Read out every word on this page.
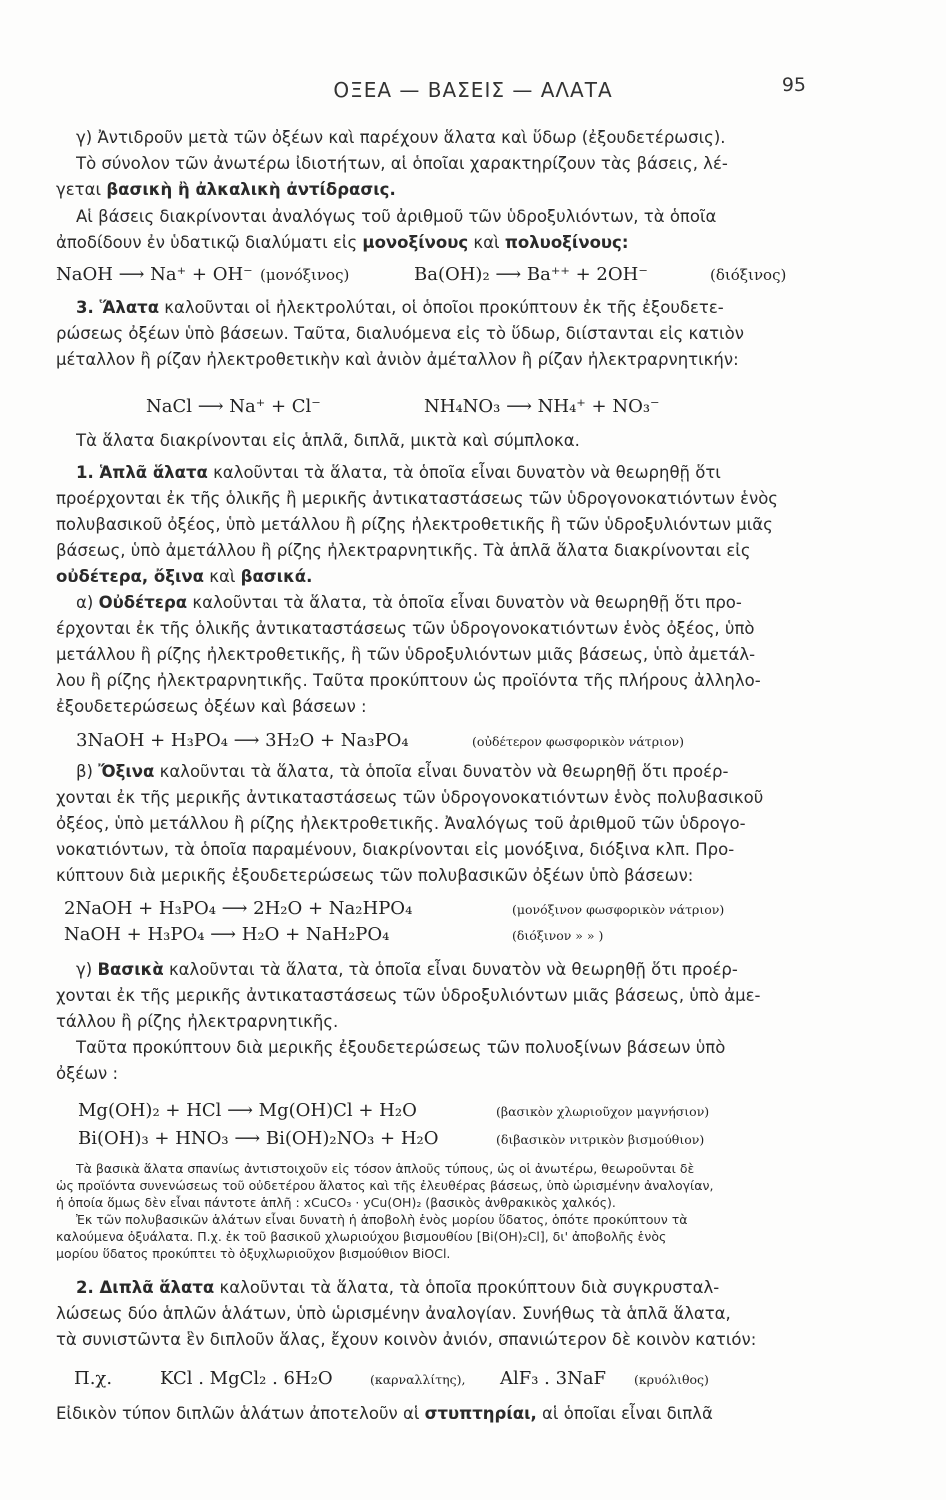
ΟΞΕΑ — ΒΑΣΕΙΣ — ΑΛΑΤΑ	95
γ) Ἀντιδροῦν μετὰ τῶν ὀξέων καὶ παρέχουν ἅλατα καὶ ὕδωρ (ἐξουδετέρωσις).
Τὸ σύνολον τῶν ἀνωτέρω ἰδιοτήτων, αἱ ὁποῖαι χαρακτηρίζουν τὰς βάσεις, λέ-
γεται βασικὴ ἢ ἀλκαλικὴ ἀντίδρασις.
Αἱ βάσεις διακρίνονται ἀναλόγως τοῦ ἀριθμοῦ τῶν ὑδροξυλιόντων, τὰ ὁποῖα
ἀποδίδουν ἐν ὑδατικῷ διαλύματι εἰς μονοξίνους καὶ πολυοξίνους:
NaOH ⟶ Na⁺ + OH⁻ (μονόξινος)	Ba(OH)₂ ⟶ Ba⁺⁺ + 2OH⁻	(διόξινος)
3. Ἅλατα καλοῦνται οἱ ἠλεκτρολύται, οἱ ὁποῖοι προκύπτουν ἐκ τῆς ἐξουδετε-
ρώσεως ὀξέων ὑπὸ βάσεων. Ταῦτα, διαλυόμενα εἰς τὸ ὕδωρ, διίστανται εἰς κατιὸν
μέταλλον ἢ ρίζαν ἠλεκτροθετικὴν καὶ ἀνιὸν ἀμέταλλον ἢ ρίζαν ἠλεκτραρνητικήν:
NaCl ⟶ Na⁺ + Cl⁻	NH₄NO₃ ⟶ NH₄⁺ + NO₃⁻
Τὰ ἅλατα διακρίνονται εἰς ἁπλᾶ, διπλᾶ, μικτὰ καὶ σύμπλοκα.
1. Ἁπλᾶ ἅλατα καλοῦνται τὰ ἅλατα, τὰ ὁποῖα εἶναι δυνατὸν νὰ θεωρηθῇ ὅτι
προέρχονται ἐκ τῆς ὁλικῆς ἢ μερικῆς ἀντικαταστάσεως τῶν ὑδρογονοκατιόντων ἑνὸς
πολυβασικοῦ ὀξέος, ὑπὸ μετάλλου ἢ ρίζης ἠλεκτροθετικῆς ἢ τῶν ὑδροξυλιόντων μιᾶς
βάσεως, ὑπὸ ἀμετάλλου ἢ ρίζης ἠλεκτραρνητικῆς. Τὰ ἁπλᾶ ἅλατα διακρίνονται εἰς
οὐδέτερα, ὄξινα καὶ βασικά.
α) Οὐδέτερα καλοῦνται τὰ ἅλατα, τὰ ὁποῖα εἶναι δυνατὸν νὰ θεωρηθῇ ὅτι προ-
έρχονται ἐκ τῆς ὁλικῆς ἀντικαταστάσεως τῶν ὑδρογονοκατιόντων ἑνὸς ὀξέος, ὑπὸ
μετάλλου ἢ ρίζης ἠλεκτροθετικῆς, ἢ τῶν ὑδροξυλιόντων μιᾶς βάσεως, ὑπὸ ἀμετάλ-
λου ἢ ρίζης ἠλεκτραρνητικῆς. Ταῦτα προκύπτουν ὡς προϊόντα τῆς πλήρους ἀλληλο-
ἐξουδετερώσεως ὀξέων καὶ βάσεων :
3NaOH + H₃PO₄ ⟶ 3H₂O + Na₃PO₄	(οὐδέτερον φωσφορικὸν νάτριον)
β) Ὄξινα καλοῦνται τὰ ἅλατα, τὰ ὁποῖα εἶναι δυνατὸν νὰ θεωρηθῇ ὅτι προέρ-
χονται ἐκ τῆς μερικῆς ἀντικαταστάσεως τῶν ὑδρογονοκατιόντων ἑνὸς πολυβασικοῦ
ὀξέος, ὑπὸ μετάλλου ἢ ρίζης ἠλεκτροθετικῆς. Ἀναλόγως τοῦ ἀριθμοῦ τῶν ὑδρογο-
νοκατιόντων, τὰ ὁποῖα παραμένουν, διακρίνονται εἰς μονόξινα, διόξινα κλπ. Προ-
κύπτουν διὰ μερικῆς ἐξουδετερώσεως τῶν πολυβασικῶν ὀξέων ὑπὸ βάσεων:
2NaOH + H₃PO₄ ⟶ 2H₂O + Na₂HPO₄	(μονόξινον φωσφορικὸν νάτριον)
NaOH + H₃PO₄ ⟶ H₂O + NaH₂PO₄	(διόξινον » » )
γ) Βασικὰ καλοῦνται τὰ ἅλατα, τὰ ὁποῖα εἶναι δυνατὸν νὰ θεωρηθῇ ὅτι προέρ-
χονται ἐκ τῆς μερικῆς ἀντικαταστάσεως τῶν ὑδροξυλιόντων μιᾶς βάσεως, ὑπὸ ἀμε-
τάλλου ἢ ρίζης ἠλεκτραρνητικῆς.
Ταῦτα προκύπτουν διὰ μερικῆς ἐξουδετερώσεως τῶν πολυοξίνων βάσεων ὑπὸ
ὀξέων :
Mg(OH)₂ + HCl ⟶ Mg(OH)Cl + H₂O	(βασικὸν χλωριοῦχον μαγνήσιον)
Bi(OH)₃ + HNO₃ ⟶ Bi(OH)₂NO₃ + H₂O	(διβασικὸν νιτρικὸν βισμούθιον)
Τὰ βασικὰ ἅλατα σπανίως ἀντιστοιχοῦν εἰς τόσον ἁπλοῦς τύπους, ὡς οἱ ἀνωτέρω, θεωροῦνται δὲ
ὡς προϊόντα συνενώσεως τοῦ οὐδετέρου ἅλατος καὶ τῆς ἐλευθέρας βάσεως, ὑπὸ ὡρισμένην ἀναλογίαν,
ἡ ὁποία ὅμως δὲν εἶναι πάντοτε ἁπλῆ : xCuCO₃ · yCu(OH)₂ (βασικὸς ἀνθρακικὸς χαλκός).
Ἐκ τῶν πολυβασικῶν ἁλάτων εἶναι δυνατὴ ἡ ἀποβολὴ ἑνὸς μορίου ὕδατος, ὁπότε προκύπτουν τὰ
καλούμενα ὀξυάλατα. Π.χ. ἐκ τοῦ βασικοῦ χλωριούχου βισμουθίου [Bi(OH)₂Cl], δι' ἀποβολῆς ἑνὸς
μορίου ὕδατος προκύπτει τὸ ὀξυχλωριοῦχον βισμούθιον BiOCl.
2. Διπλᾶ ἅλατα καλοῦνται τὰ ἅλατα, τὰ ὁποῖα προκύπτουν διὰ συγκρυσταλ-
λώσεως δύο ἁπλῶν ἁλάτων, ὑπὸ ὡρισμένην ἀναλογίαν. Συνήθως τὰ ἁπλᾶ ἅλατα,
τὰ συνιστῶντα ἓν διπλοῦν ἅλας, ἔχουν κοινὸν ἀνιόν, σπανιώτερον δὲ κοινὸν κατιόν:
Π.χ.	KCl . MgCl₂ . 6H₂O	(καρναλλίτης), AlF₃ . 3NaF (κρυόλιθος)
Εἰδικὸν τύπον διπλῶν ἁλάτων ἀποτελοῦν αἱ στυπτηρίαι, αἱ ὁποῖαι εἶναι διπλᾶ
